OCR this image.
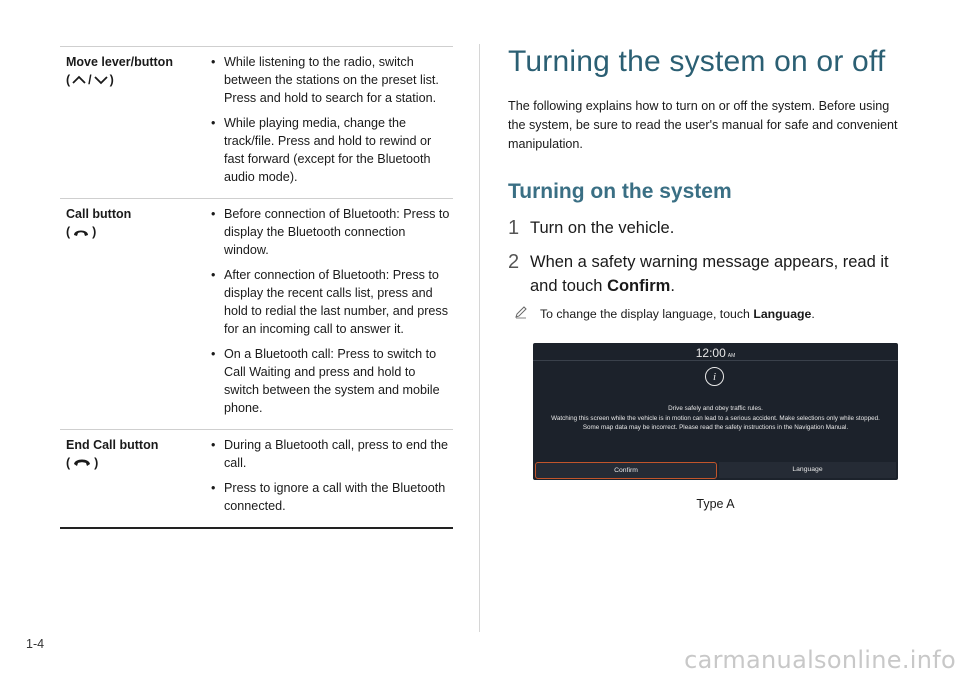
Move lever/button
( / )
• While listening to the radio, switch between the stations on the preset list. Press and hold to search for a station.
• While playing media, change the track/file. Press and hold to rewind or fast forward (except for the Bluetooth audio mode).
Call button
( )
• Before connection of Bluetooth: Press to display the Bluetooth connection window.
• After connection of Bluetooth: Press to display the recent calls list, press and hold to redial the last number, and press for an incoming call to answer it.
• On a Bluetooth call: Press to switch to Call Waiting and press and hold to switch between the system and mobile phone.
End Call button
( )
• During a Bluetooth call, press to end the call.
• Press to ignore a call with the Bluetooth connected.
Turning the system on or off
The following explains how to turn on or off the system. Before using the system, be sure to read the user's manual for safe and convenient manipulation.
Turning on the system
1 Turn on the vehicle.
2 When a safety warning message appears, read it and touch Confirm.
To change the display language, touch Language.
12:00 AM
i
Drive safely and obey traffic rules.
Watching this screen while the vehicle is in motion can lead to a serious accident. Make selections only while stopped. Some map data may be incorrect. Please read the safety instructions in the Navigation Manual.
Confirm	Language
Type A
1-4
carmanualsonline.info
